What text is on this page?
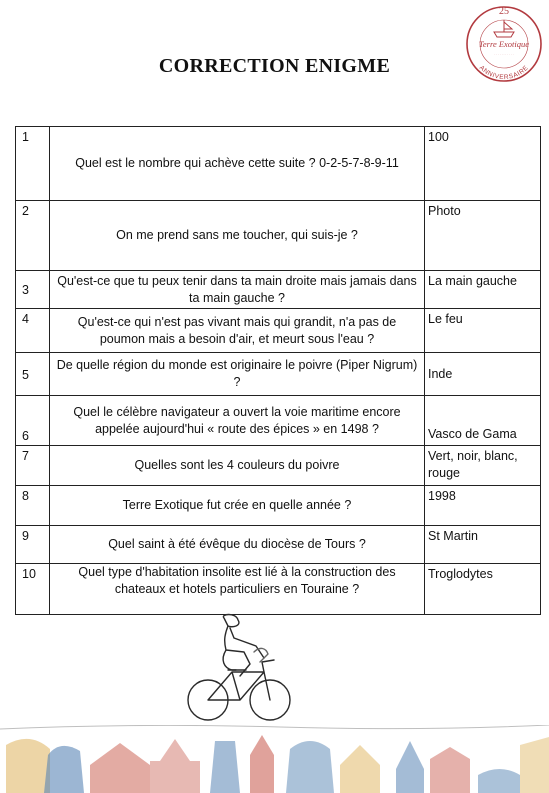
CORRECTION ENIGME
25
Terre Exotique
· · · · · · · · · · ·
ANNIVERSAIRE
1	Quel est le nombre qui achève cette suite ? 0-2-5-7-8-9-11	100
2	On me prend sans me toucher, qui suis-je ?	Photo
3	Qu'est-ce que tu peux tenir dans ta main droite mais jamais dans ta main gauche ?	La main gauche
4	Qu'est-ce qui n'est pas vivant mais qui grandit, n'a pas de poumon mais a besoin d'air, et meurt sous l'eau ?	Le feu
5	De quelle région du monde est originaire le poivre (Piper Nigrum) ?	Inde
6	Quel le célèbre navigateur a ouvert la voie maritime encore appelée aujourd'hui « route des épices » en 1498 ?	Vasco de Gama
7	Quelles sont les 4 couleurs du poivre	Vert, noir, blanc, rouge
8	Terre Exotique fut crée en quelle année ?	1998
9	Quel saint à été évêque du diocèse de Tours ?	St Martin
10	Quel type d'habitation insolite est lié à la construction des chateaux et hotels particuliers en Touraine ?	Troglodytes
